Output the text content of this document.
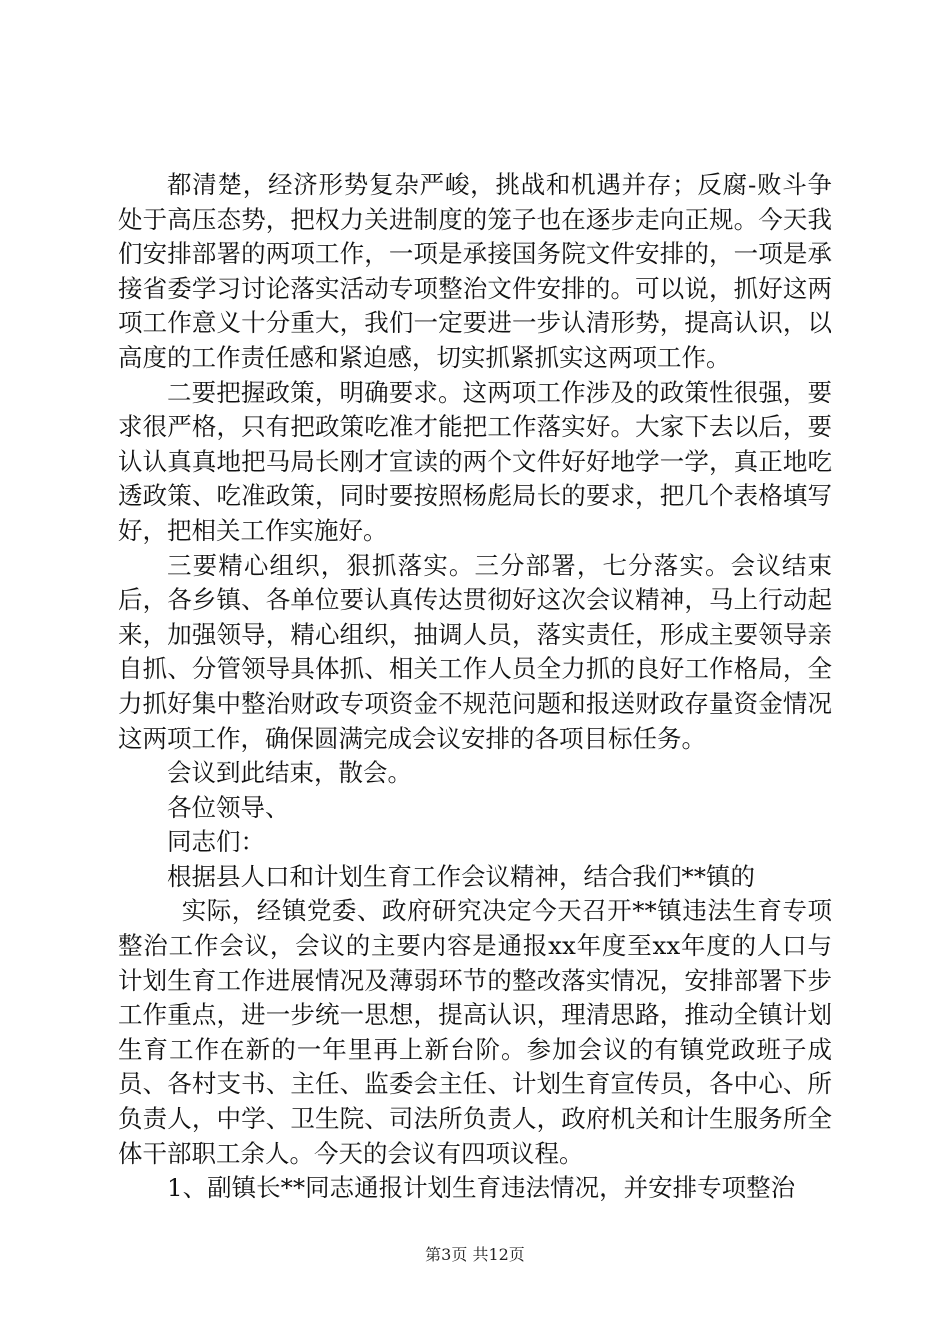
都清楚，经济形势复杂严峻，挑战和机遇并存；反腐-败斗争处于高压态势，把权力关进制度的笼子也在逐步走向正规。今天我们安排部署的两项工作，一项是承接国务院文件安排的，一项是承接省委学习讨论落实活动专项整治文件安排的。可以说，抓好这两项工作意义十分重大，我们一定要进一步认清形势，提高认识，以高度的工作责任感和紧迫感，切实抓紧抓实这两项工作。

二要把握政策，明确要求。这两项工作涉及的政策性很强，要求很严格，只有把政策吃准才能把工作落实好。大家下去以后，要认认真真地把马局长刚才宣读的两个文件好好地学一学，真正地吃透政策、吃准政策，同时要按照杨彪局长的要求，把几个表格填写好，把相关工作实施好。

三要精心组织，狠抓落实。三分部署，七分落实。会议结束后，各乡镇、各单位要认真传达贯彻好这次会议精神，马上行动起来，加强领导，精心组织，抽调人员，落实责任，形成主要领导亲自抓、分管领导具体抓、相关工作人员全力抓的良好工作格局，全力抓好集中整治财政专项资金不规范问题和报送财政存量资金情况这两项工作，确保圆满完成会议安排的各项目标任务。

会议到此结束，散会。

各位领导、

同志们：

根据县人口和计划生育工作会议精神，结合我们**镇的

实际，经镇党委、政府研究决定今天召开**镇违法生育专项整治工作会议，会议的主要内容是通报xx年度至xx年度的人口与计划生育工作进展情况及薄弱环节的整改落实情况，安排部署下步工作重点，进一步统一思想，提高认识，理清思路，推动全镇计划生育工作在新的一年里再上新台阶。参加会议的有镇党政班子成员、各村支书、主任、监委会主任、计划生育宣传员，各中心、所负责人，中学、卫生院、司法所负责人，政府机关和计生服务所全体干部职工余人。今天的会议有四项议程。

1、副镇长**同志通报计划生育违法情况，并安排专项整治

第3页 共12页
